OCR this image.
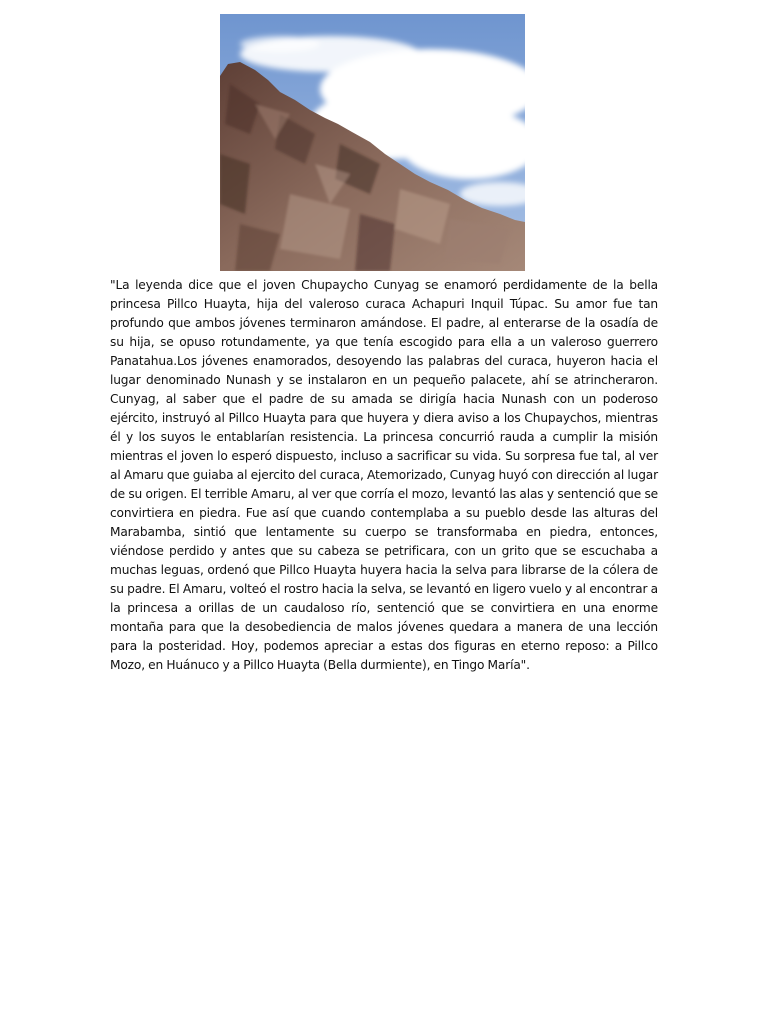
"La leyenda dice que el joven Chupaycho Cunyag se enamoró perdidamente de la bella princesa Pillco Huayta, hija del valeroso curaca Achapuri Inquil Túpac. Su amor fue tan profundo que ambos jóvenes terminaron amándose. El padre, al enterarse de la osadía de su hija, se opuso rotundamente, ya que tenía escogido para ella a un valeroso guerrero Panatahua.Los jóvenes enamorados, desoyendo las palabras del curaca, huyeron hacia el lugar denominado Nunash y se instalaron en un pequeño palacete, ahí se atrincheraron. Cunyag, al saber que el padre de su amada se dirigía hacia Nunash con un poderoso ejército, instruyó al Pillco Huayta para que huyera y diera aviso a los Chupaychos, mientras él y los suyos le entablarían resistencia. La princesa concurrió rauda a cumplir la misión mientras el joven lo esperó dispuesto, incluso a sacrificar su vida. Su sorpresa fue tal, al ver al Amaru que guiaba al ejercito del curaca, Atemorizado, Cunyag huyó con dirección al lugar de su origen. El terrible Amaru, al ver que corría el mozo, levantó las alas y sentenció que se convirtiera en piedra. Fue así que cuando contemplaba a su pueblo desde las alturas del Marabamba, sintió que lentamente su cuerpo se transformaba en piedra, entonces, viéndose perdido y antes que su cabeza se petrificara, con un grito que se escuchaba a muchas leguas, ordenó que Pillco Huayta huyera hacia la selva para librarse de la cólera de su padre. El Amaru, volteó el rostro hacia la selva, se levantó en ligero vuelo y al encontrar a la princesa a orillas de un caudaloso río, sentenció que se convirtiera en una enorme montaña para que la desobediencia de malos jóvenes quedara a manera de una lección para la posteridad. Hoy, podemos apreciar a estas dos figuras en eterno reposo: a Pillco Mozo, en Huánuco y a Pillco Huayta (Bella durmiente), en Tingo María".
